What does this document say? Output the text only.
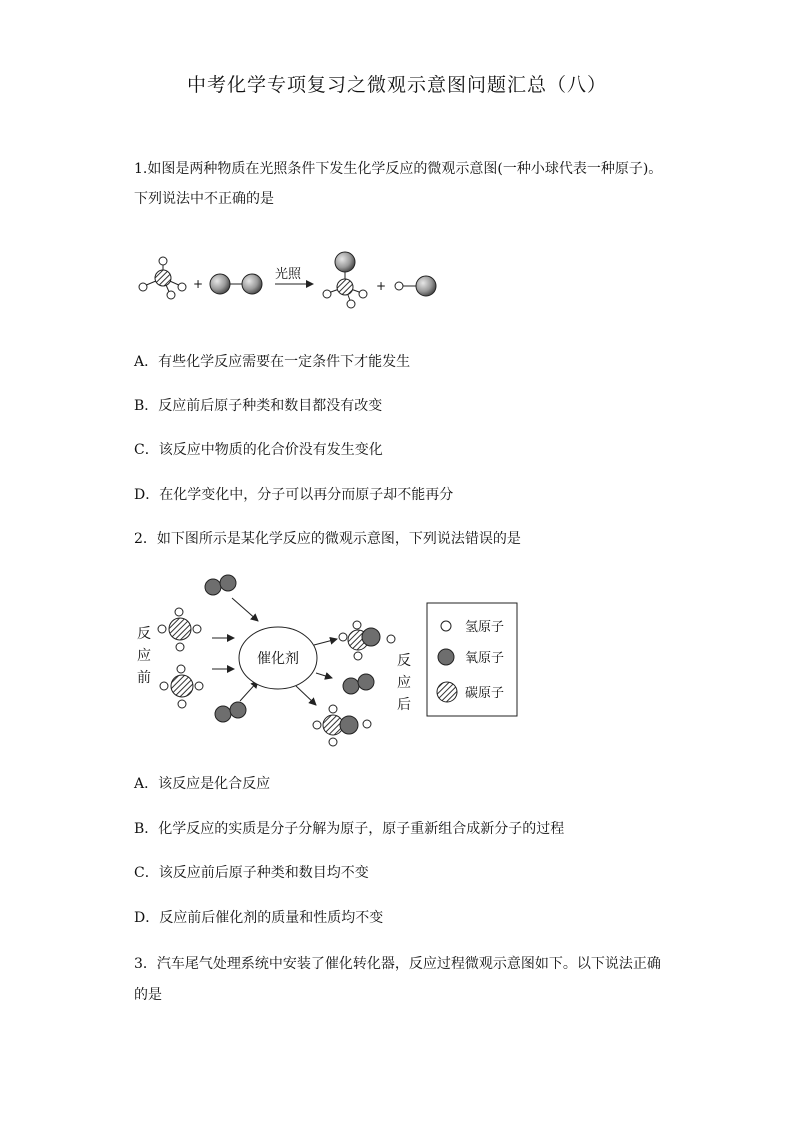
中考化学专项复习之微观示意图问题汇总（八）
1.如图是两种物质在光照条件下发生化学反应的微观示意图(一种小球代表一种原子)。
下列说法中不正确的是
+
光照
+
A．有些化学反应需要在一定条件下才能发生
B．反应前后原子种类和数目都没有改变
C．该反应中物质的化合价没有发生变化
D．在化学变化中，分子可以再分而原子却不能再分
2．如下图所示是某化学反应的微观示意图，下列说法错误的是
反
应
前
催化剂	反
应
后
氢原子
氧原子
碳原子
A．该反应是化合反应
B．化学反应的实质是分子分解为原子，原子重新组合成新分子的过程
C．该反应前后原子种类和数目均不变
D．反应前后催化剂的质量和性质均不变
3．汽车尾气处理系统中安装了催化转化器，反应过程微观示意图如下。以下说法正确
的是
